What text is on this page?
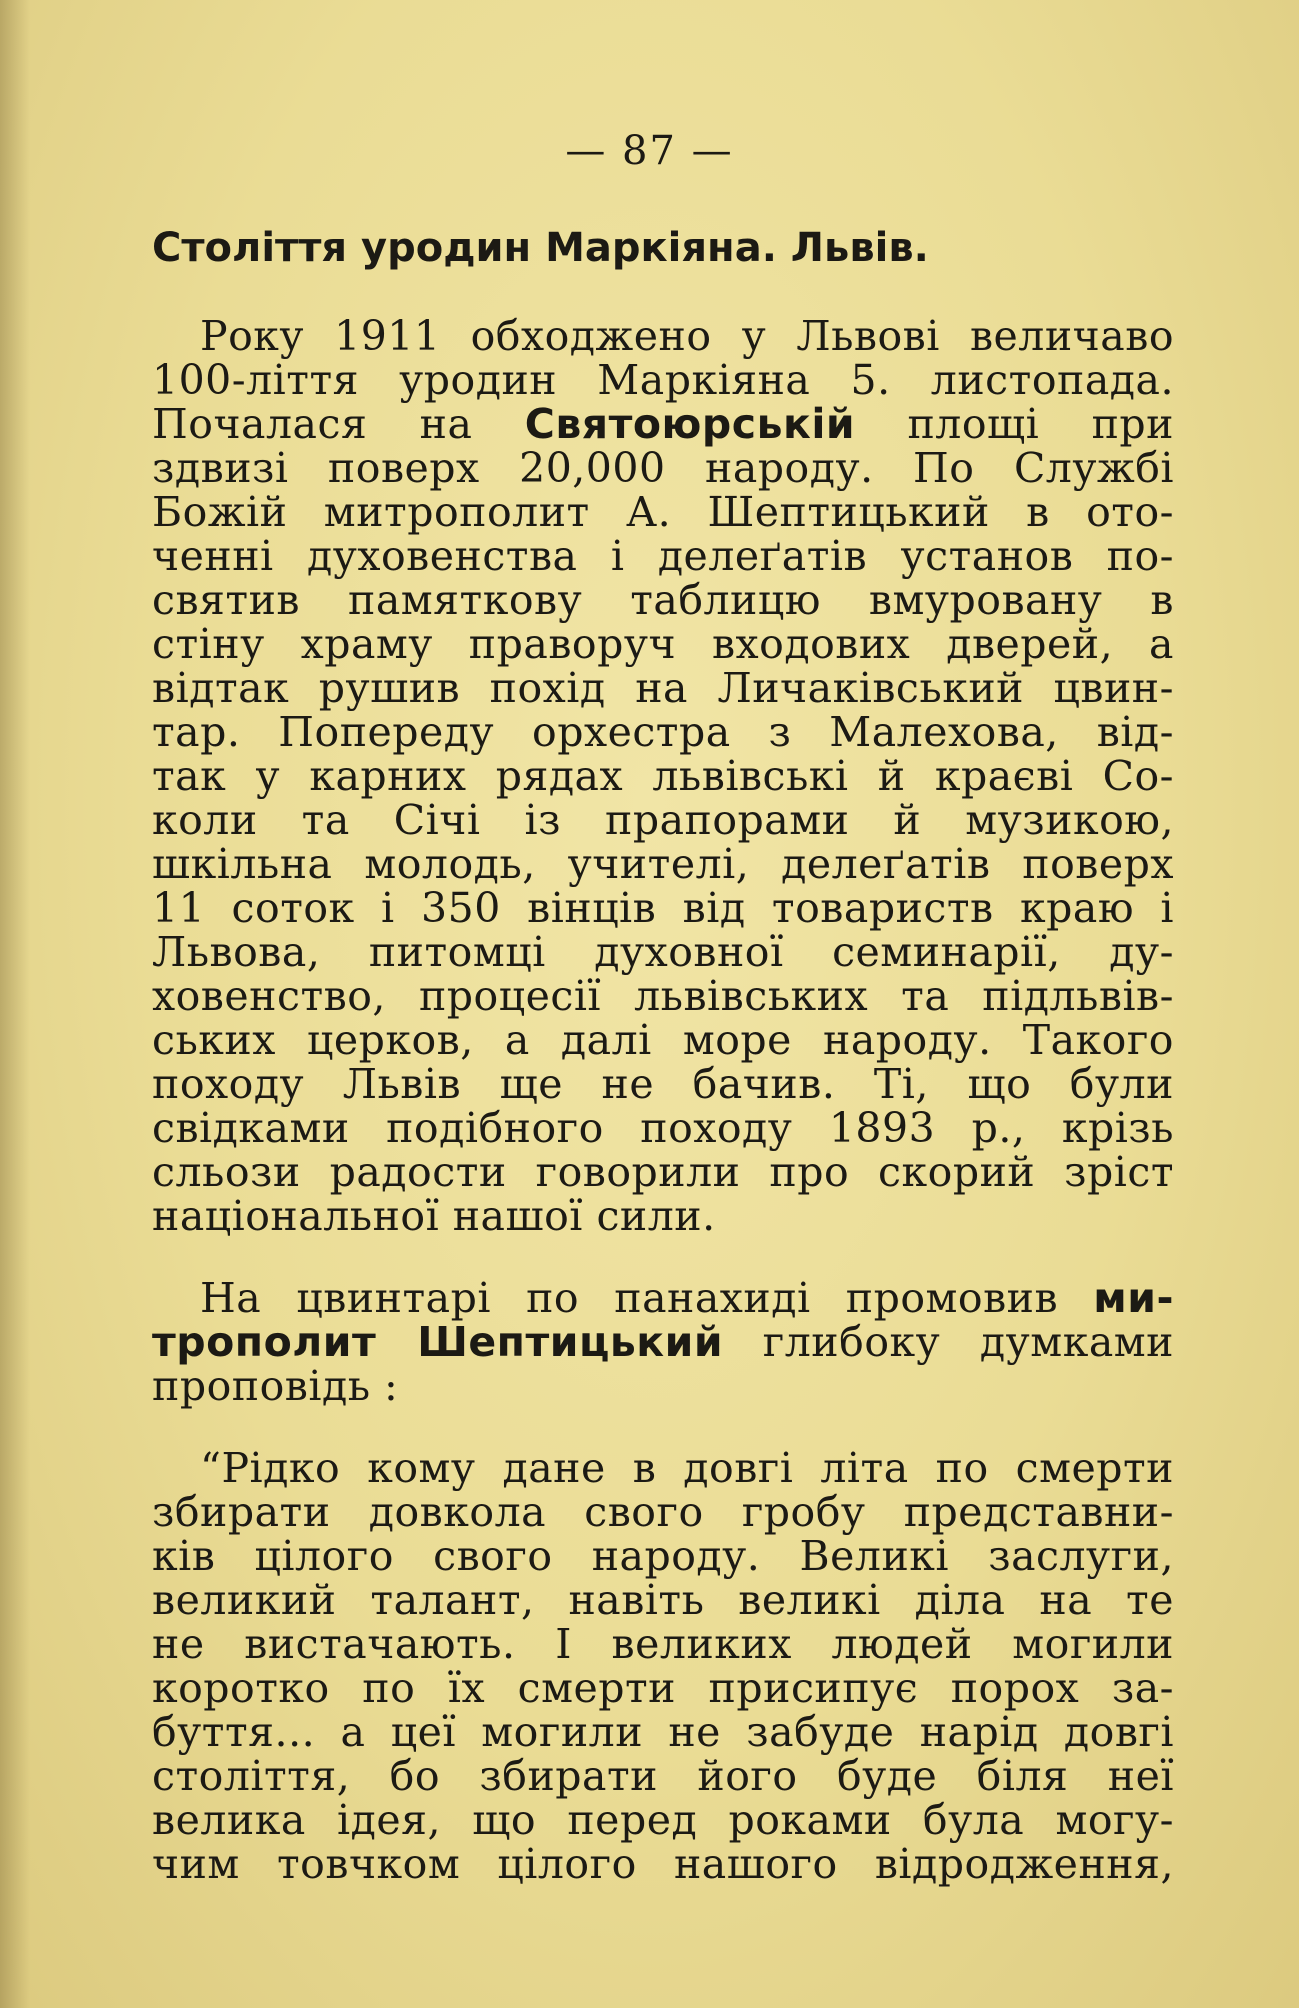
— 87 —
Століття уродин Маркіяна. Львів.
Року 1911 обходжено у Львові величаво
100-ліття уродин Маркіяна 5. листопада.
Почалася на Святоюрській площі при
здвизі поверх 20,000 народу. По Службі
Божій митрополит А. Шептицький в ото-
ченні духовенства і делеґатів установ по-
святив памяткову таблицю вмуровану в
стіну храму праворуч входових дверей, а
відтак рушив похід на Личаківський цвин-
тар. Попереду орхестра з Малехова, від-
так у карних рядах львівські й краєві Со-
коли та Січі із прапорами й музикою,
шкільна молодь, учителі, делеґатів поверх
11 соток і 350 вінців від товариств краю і
Львова, питомці духовної семинарії, ду-
ховенство, процесії львівських та підльвів-
ських церков, а далі море народу. Такого
походу Львів ще не бачив. Ті, що були
свідками подібного походу 1893 р., крізь
сльози радости говорили про скорий зріст
національної нашої сили.
На цвинтарі по панахиді промовив ми-
трополит Шептицький глибоку думками
проповідь :
“Рідко кому дане в довгі літа по смерти
збирати довкола свого гробу представни-
ків цілого свого народу. Великі заслуги,
великий талант, навіть великі діла на те
не вистачають. І великих людей могили
коротко по їх смерти присипує порох за-
буття... а цеї могили не забуде нарід довгі
століття, бо збирати його буде біля неї
велика ідея, що перед роками була могу-
чим товчком цілого нашого відродження,
